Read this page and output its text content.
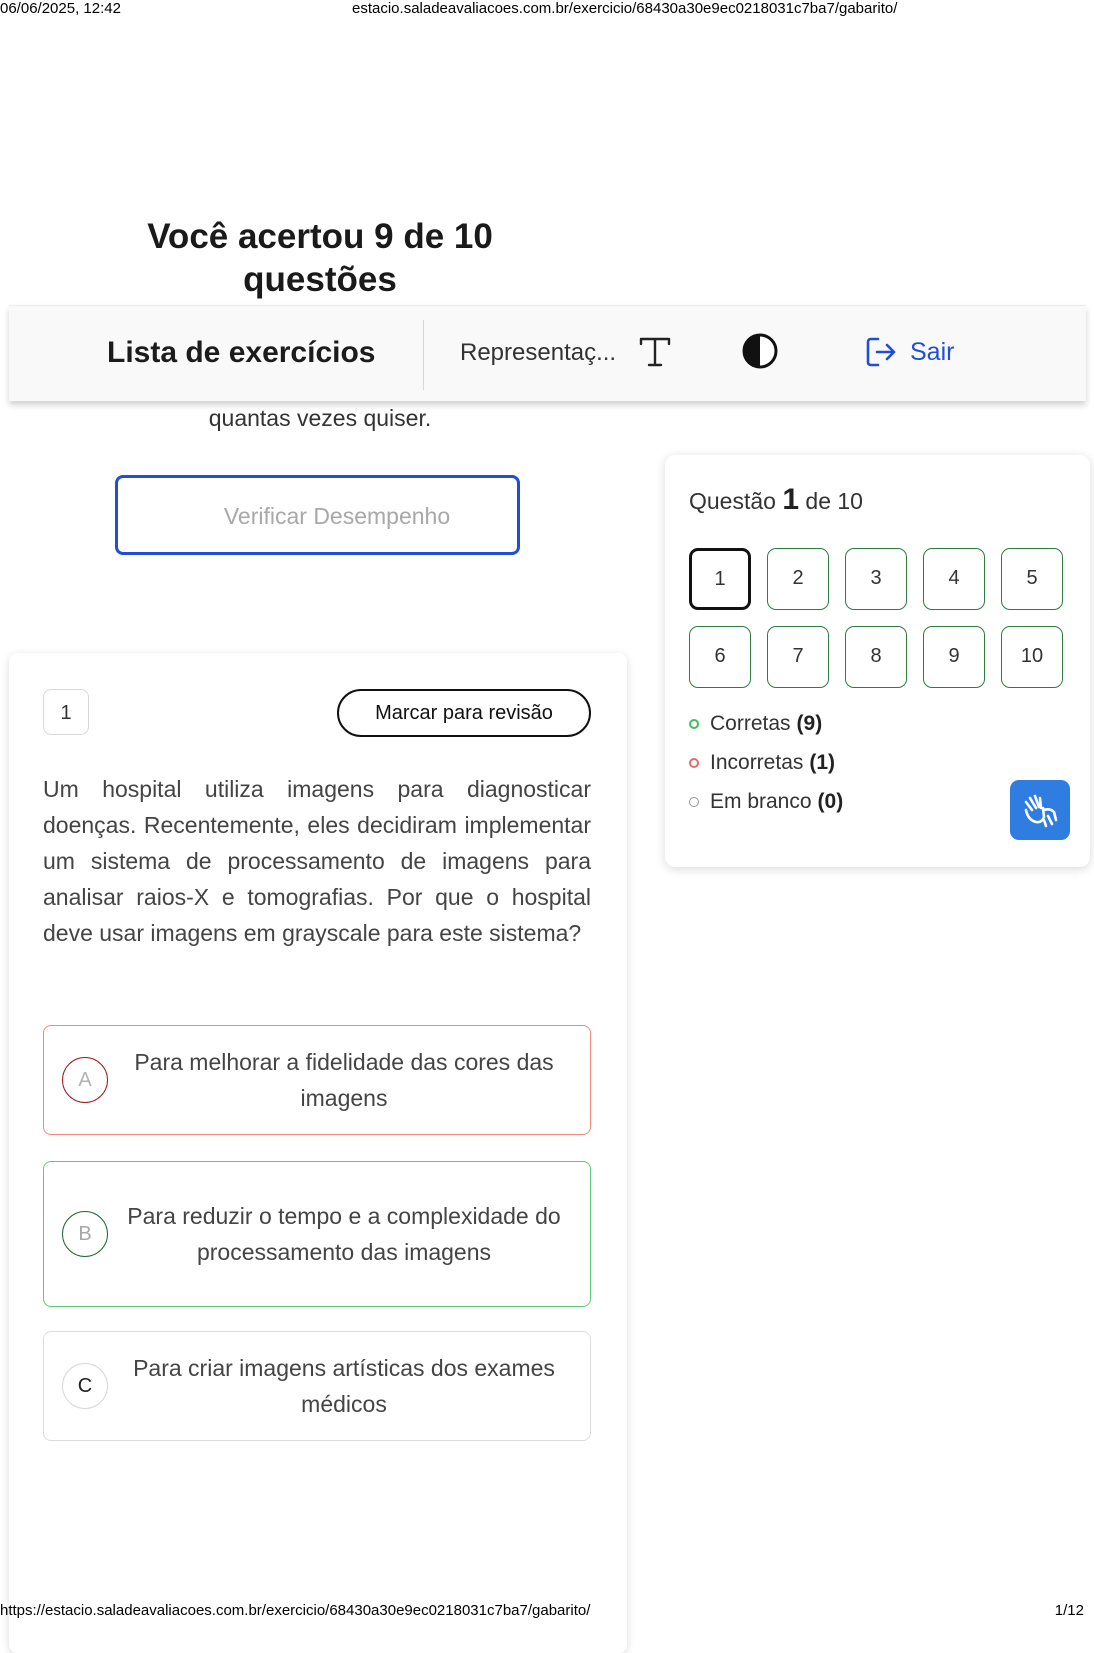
06/06/2025, 12:42	estacio.saladeavaliacoes.com.br/exercicio/68430a30e9ec0218031c7ba7/gabarito/
Você acertou 9 de 10 questões
Lista de exercícios	Representaç...	Sair
quantas vezes quiser.
Verificar Desempenho
1	Marcar para revisão
Um hospital utiliza imagens para diagnosticar doenças. Recentemente, eles decidiram implementar um sistema de processamento de imagens para analisar raios-X e tomografias. Por que o hospital deve usar imagens em grayscale para este sistema?
A
Para melhorar a fidelidade das cores das imagens
B
Para reduzir o tempo e a complexidade do processamento das imagens
C
Para criar imagens artísticas dos exames médicos
Questão 1 de 10
1	2	3	4	5
6	7	8	9	10
Corretas (9)
Incorretas (1)
Em branco (0)
https://estacio.saladeavaliacoes.com.br/exercicio/68430a30e9ec0218031c7ba7/gabarito/	1/12
